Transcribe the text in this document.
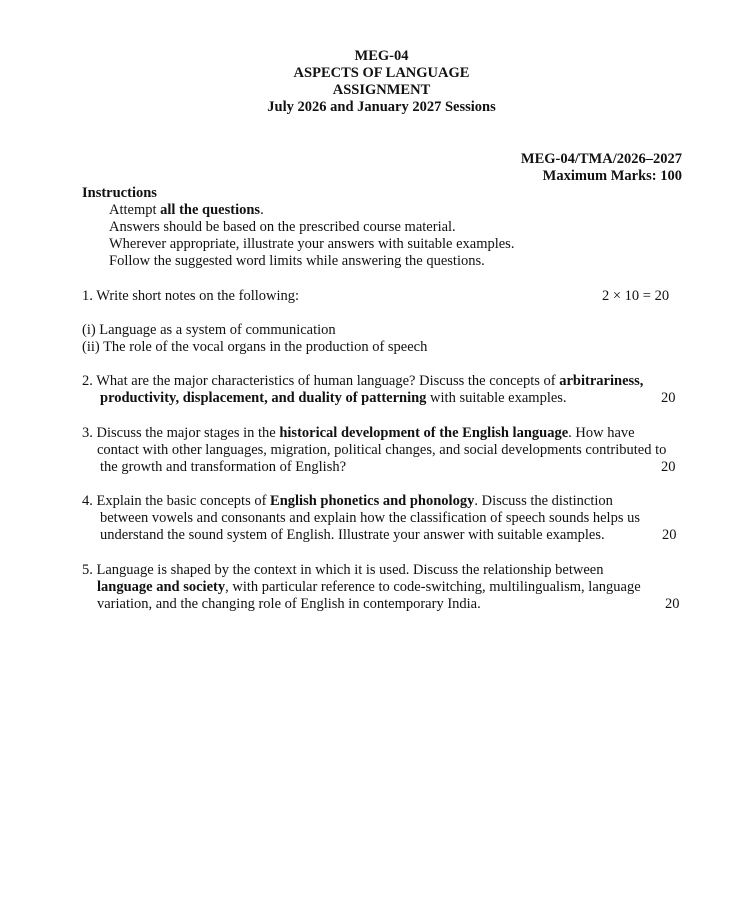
MEG-04
ASPECTS OF LANGUAGE
ASSIGNMENT
July 2026 and January 2027 Sessions
MEG-04/TMA/2026–2027
Maximum Marks: 100
Instructions
Attempt all the questions.
Answers should be based on the prescribed course material.
Wherever appropriate, illustrate your answers with suitable examples.
Follow the suggested word limits while answering the questions.
1. Write short notes on the following:	2 × 10 = 20
(i) Language as a system of communication
(ii) The role of the vocal organs in the production of speech
2. What are the major characteristics of human language? Discuss the concepts of arbitrariness,
productivity, displacement, and duality of patterning with suitable examples.	20
3. Discuss the major stages in the historical development of the English language. How have
contact with other languages, migration, political changes, and social developments contributed to
the growth and transformation of English?	20
4. Explain the basic concepts of English phonetics and phonology. Discuss the distinction
between vowels and consonants and explain how the classification of speech sounds helps us
understand the sound system of English. Illustrate your answer with suitable examples.	20
5. Language is shaped by the context in which it is used. Discuss the relationship between
language and society, with particular reference to code-switching, multilingualism, language
variation, and the changing role of English in contemporary India.	20
